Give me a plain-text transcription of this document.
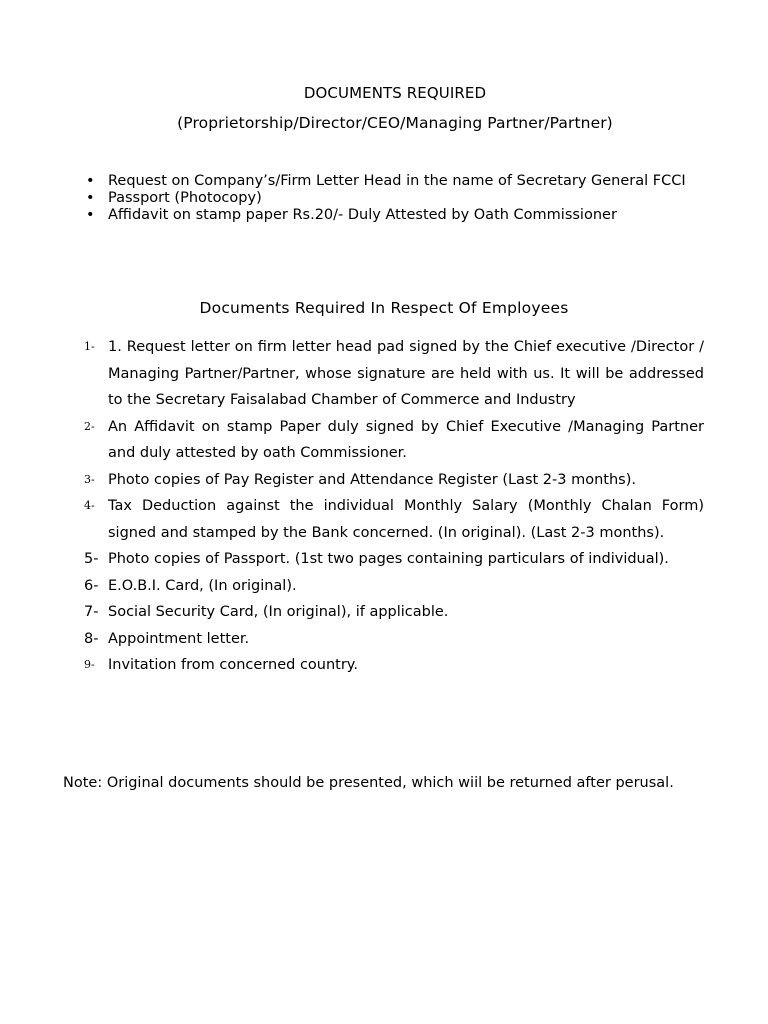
DOCUMENTS REQUIRED
(Proprietorship/Director/CEO/Managing Partner/Partner)
• Request on Company’s/Firm Letter Head in the name of Secretary General FCCI
• Passport (Photocopy)
• Affidavit on stamp paper Rs.20/- Duly Attested by Oath Commissioner
Documents Required In Respect Of Employees
1- 1. Request letter on firm letter head pad signed by the Chief executive /Director / Managing Partner/Partner, whose signature are held with us. It will be addressed to the Secretary Faisalabad Chamber of Commerce and Industry
2- An Affidavit on stamp Paper duly signed by Chief Executive /Managing Partner and duly attested by oath Commissioner.
3- Photo copies of Pay Register and Attendance Register (Last 2-3 months).
4- Tax Deduction against the individual Monthly Salary (Monthly Chalan Form) signed and stamped by the Bank concerned. (In original). (Last 2-3 months).
5- Photo copies of Passport. (1st two pages containing particulars of individual).
6- E.O.B.I. Card, (In original).
7- Social Security Card, (In original), if applicable.
8- Appointment letter.
9- Invitation from concerned country.
Note: Original documents should be presented, which wiil be returned after perusal.
